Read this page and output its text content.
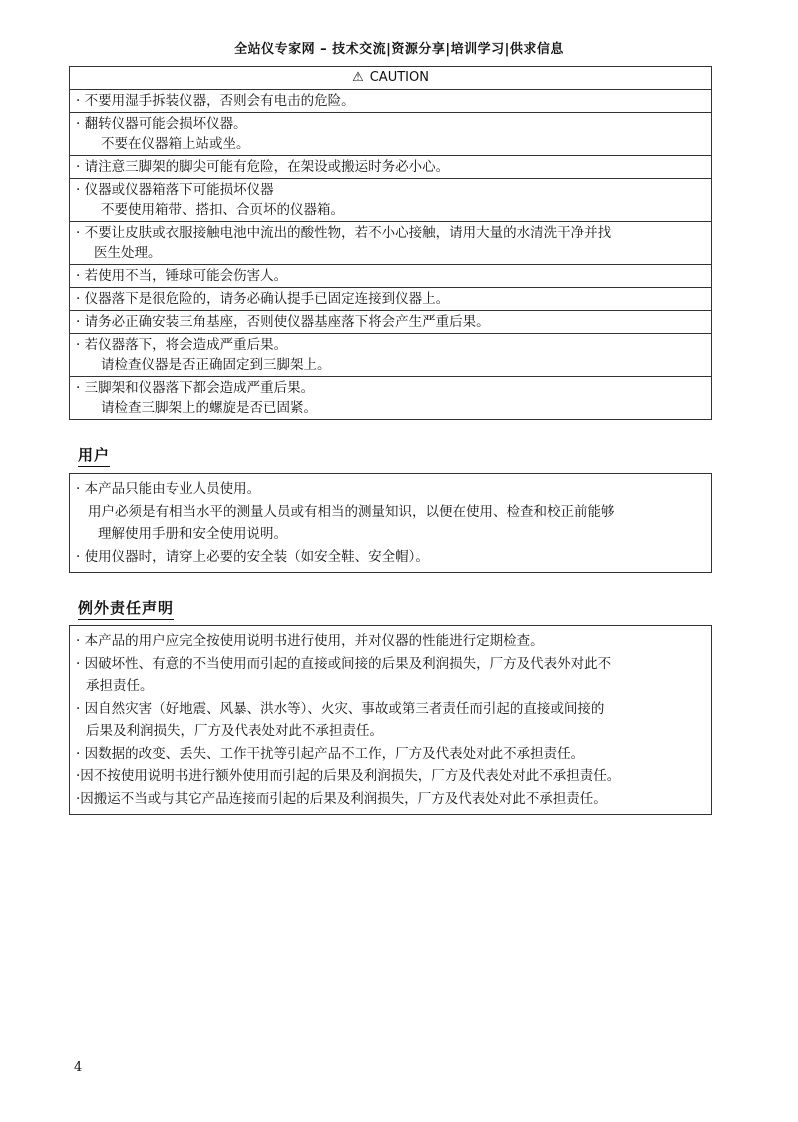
全站仪专家网 – 技术交流|资源分享|培训学习|供求信息
⚠ CAUTION
· 不要用湿手拆装仪器，否则会有电击的危险。
· 翻转仪器可能会损坏仪器。
不要在仪器箱上站或坐。
· 请注意三脚架的脚尖可能有危险，在架设或搬运时务必小心。
· 仪器或仪器箱落下可能损坏仪器
不要使用箱带、搭扣、合页坏的仪器箱。
· 不要让皮肤或衣服接触电池中流出的酸性物，若不小心接触，请用大量的水清洗干净并找
医生处理。
· 若使用不当，锤球可能会伤害人。
· 仪器落下是很危险的，请务必确认提手已固定连接到仪器上。
· 请务必正确安装三角基座，否则使仪器基座落下将会产生严重后果。
· 若仪器落下，将会造成严重后果。
请检查仪器是否正确固定到三脚架上。
· 三脚架和仪器落下都会造成严重后果。
请检查三脚架上的螺旋是否已固紧。
用户
· 本产品只能由专业人员使用。
用户必须是有相当水平的测量人员或有相当的测量知识，以便在使用、检查和校正前能够
理解使用手册和安全使用说明。
· 使用仪器时，请穿上必要的安全装（如安全鞋、安全帽）。
例外责任声明
· 本产品的用户应完全按使用说明书进行使用，并对仪器的性能进行定期检查。
· 因破坏性、有意的不当使用而引起的直接或间接的后果及利润损失，厂方及代表外对此不
承担责任。
· 因自然灾害（好地震、风暴、洪水等）、火灾、事故或第三者责任而引起的直接或间接的
后果及利润损失，厂方及代表处对此不承担责任。
· 因数据的改变、丢失、工作干扰等引起产品不工作，厂方及代表处对此不承担责任。
·因不按使用说明书进行额外使用而引起的后果及利润损失，厂方及代表处对此不承担责任。
·因搬运不当或与其它产品连接而引起的后果及利润损失，厂方及代表处对此不承担责任。
4
